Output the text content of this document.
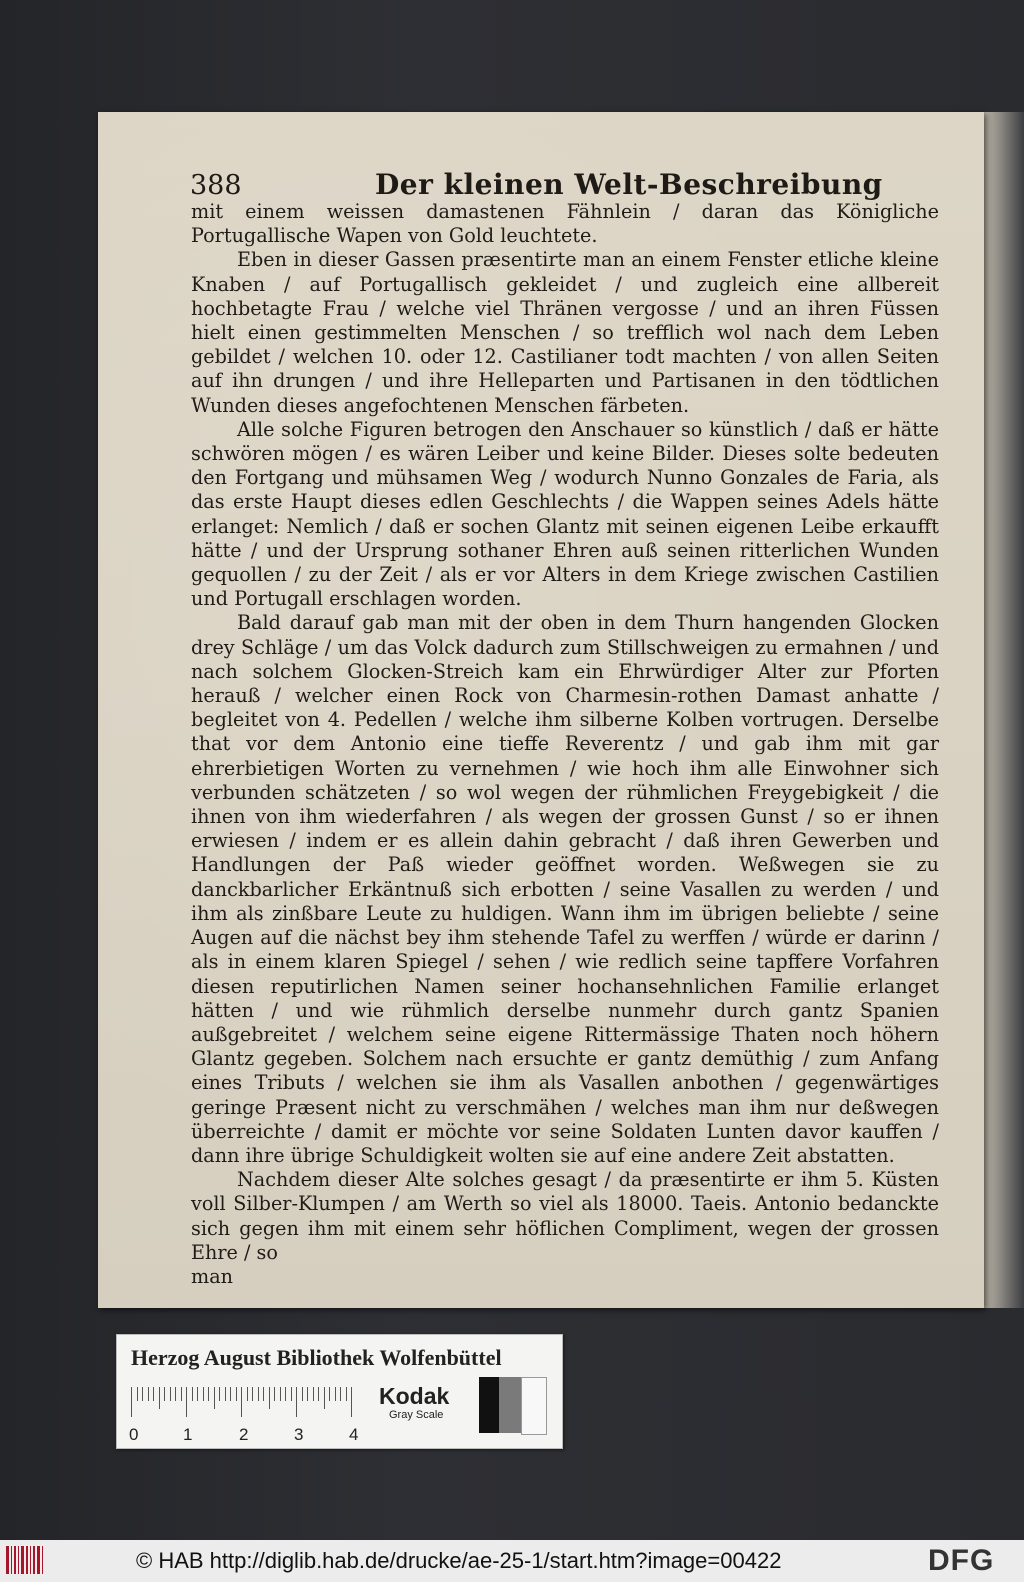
388	Der kleinen Welt-Beschreibung

mit einem weissen damastenen Fähnlein / daran das Königliche Portugallische Wapen von Gold leuchtete.

Eben in dieser Gassen præsentirte man an einem Fenster etliche kleine Knaben / auf Portugallisch gekleidet / und zugleich eine allbereit hochbetagte Frau / welche viel Thränen vergosse / und an ihren Füssen hielt einen gestimmelten Menschen / so trefflich wol nach dem Leben gebildet / welchen 10. oder 12. Castilianer todt machten / von allen Seiten auf ihn drungen / und ihre Helleparten und Partisanen in den tödtlichen Wunden dieses angefochtenen Menschen färbeten.

Alle solche Figuren betrogen den Anschauer so künstlich / daß er hätte schwören mögen / es wären Leiber und keine Bilder. Dieses solte bedeuten den Fortgang und mühsamen Weg / wodurch Nunno Gonzales de Faria, als das erste Haupt dieses edlen Geschlechts / die Wappen seines Adels hätte erlanget: Nemlich / daß er sochen Glantz mit seinen eigenen Leibe erkaufft hätte / und der Ursprung sothaner Ehren auß seinen ritterlichen Wunden gequollen / zu der Zeit / als er vor Alters in dem Kriege zwischen Castilien und Portugall erschlagen worden.

Bald darauf gab man mit der oben in dem Thurn hangenden Glocken drey Schläge / um das Volck dadurch zum Stillschweigen zu ermahnen / und nach solchem Glocken-Streich kam ein Ehrwürdiger Alter zur Pforten herauß / welcher einen Rock von Charmesin-rothen Damast anhatte / begleitet von 4. Pedellen / welche ihm silberne Kolben vortrugen. Derselbe that vor dem Antonio eine tieffe Reverentz / und gab ihm mit gar ehrerbietigen Worten zu vernehmen / wie hoch ihm alle Einwohner sich verbunden schätzeten / so wol wegen der rühmlichen Freygebigkeit / die ihnen von ihm wiederfahren / als wegen der grossen Gunst / so er ihnen erwiesen / indem er es allein dahin gebracht / daß ihren Gewerben und Handlungen der Paß wieder geöffnet worden. Weßwegen sie zu danckbarlicher Erkäntnuß sich erbotten / seine Vasallen zu werden / und ihm als zinßbare Leute zu huldigen. Wann ihm im übrigen beliebte / seine Augen auf die nächst bey ihm stehende Tafel zu werffen / würde er darinn / als in einem klaren Spiegel / sehen / wie redlich seine tapffere Vorfahren diesen reputirlichen Namen seiner hochansehnlichen Familie erlanget hätten / und wie rühmlich derselbe nunmehr durch gantz Spanien außgebreitet / welchem seine eigene Rittermässige Thaten noch höhern Glantz gegeben. Solchem nach ersuchte er gantz demüthig / zum Anfang eines Tributs / welchen sie ihm als Vasallen anbothen / gegenwärtiges geringe Præsent nicht zu verschmähen / welches man ihm nur deßwegen überreichte / damit er möchte vor seine Soldaten Lunten davor kauffen / dann ihre übrige Schuldigkeit wolten sie auf eine andere Zeit abstatten.

Nachdem dieser Alte solches gesagt / da præsentirte er ihm 5. Küsten voll Silber-Klumpen / am Werth so viel als 18000. Taeis. Antonio bedanckte sich gegen ihm mit einem sehr höflichen Compliment, wegen der grossen Ehre / so

man

Herzog August Bibliothek Wolfenbüttel
0	1	2	3	4
Kodak
Gray Scale
© HAB http://diglib.hab.de/drucke/ae-25-1/start.htm?image=00422	DFG
